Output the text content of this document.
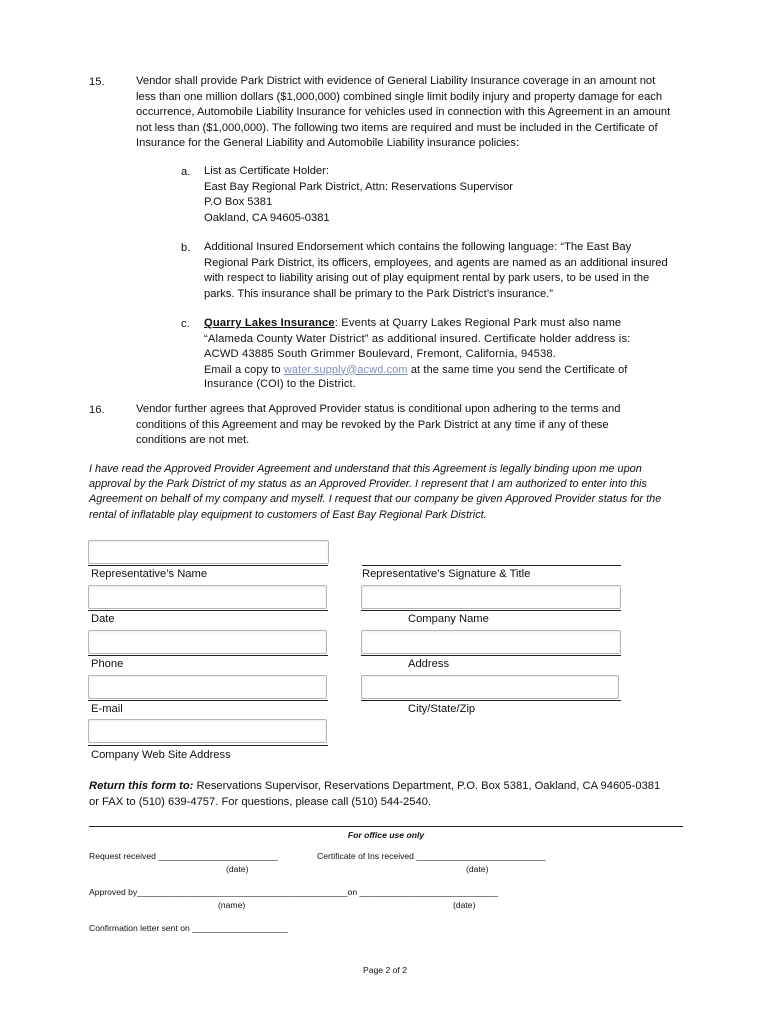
15.	Vendor shall provide Park District with evidence of General Liability Insurance coverage in an amount not less than one million dollars ($1,000,000) combined single limit bodily injury and property damage for each occurrence, Automobile Liability Insurance for vehicles used in connection with this Agreement in an amount not less than ($1,000,000). The following two items are required and must be included in the Certificate of Insurance for the General Liability and Automobile Liability insurance policies:
a. List as Certificate Holder:
East Bay Regional Park District, Attn: Reservations Supervisor
P.O Box 5381
Oakland, CA 94605-0381
b. Additional Insured Endorsement which contains the following language: “The East Bay Regional Park District, its officers, employees, and agents are named as an additional insured with respect to liability arising out of play equipment rental by park users, to be used in the parks. This insurance shall be primary to the Park District’s insurance.”
c. Quarry Lakes Insurance: Events at Quarry Lakes Regional Park must also name “Alameda County Water District” as additional insured. Certificate holder address is: ACWD 43885 South Grimmer Boulevard, Fremont, California, 94538.
Email a copy to water.supply@acwd.com at the same time you send the Certificate of Insurance (COI) to the District.
16.	Vendor further agrees that Approved Provider status is conditional upon adhering to the terms and conditions of this Agreement and may be revoked by the Park District at any time if any of these conditions are not met.
I have read the Approved Provider Agreement and understand that this Agreement is legally binding upon me upon approval by the Park District of my status as an Approved Provider. I represent that I am authorized to enter into this Agreement on behalf of my company and myself. I request that our company be given Approved Provider status for the rental of inflatable play equipment to customers of East Bay Regional Park District.
Representative’s Name	Representative’s Signature & Title
Date	Company Name
Phone	Address
E-mail	City/State/Zip
Company Web Site Address
Return this form to: Reservations Supervisor, Reservations Department, P.O. Box 5381, Oakland, CA 94605-0381 or FAX to (510) 639-4757. For questions, please call (510) 544-2540.
For office use only
Request received _________________________
(date)
Certificate of Ins received ___________________________
(date)
Approved by____________________________________________on _____________________________
(name)	(date)
Confirmation letter sent on ____________________
Page 2 of 2
